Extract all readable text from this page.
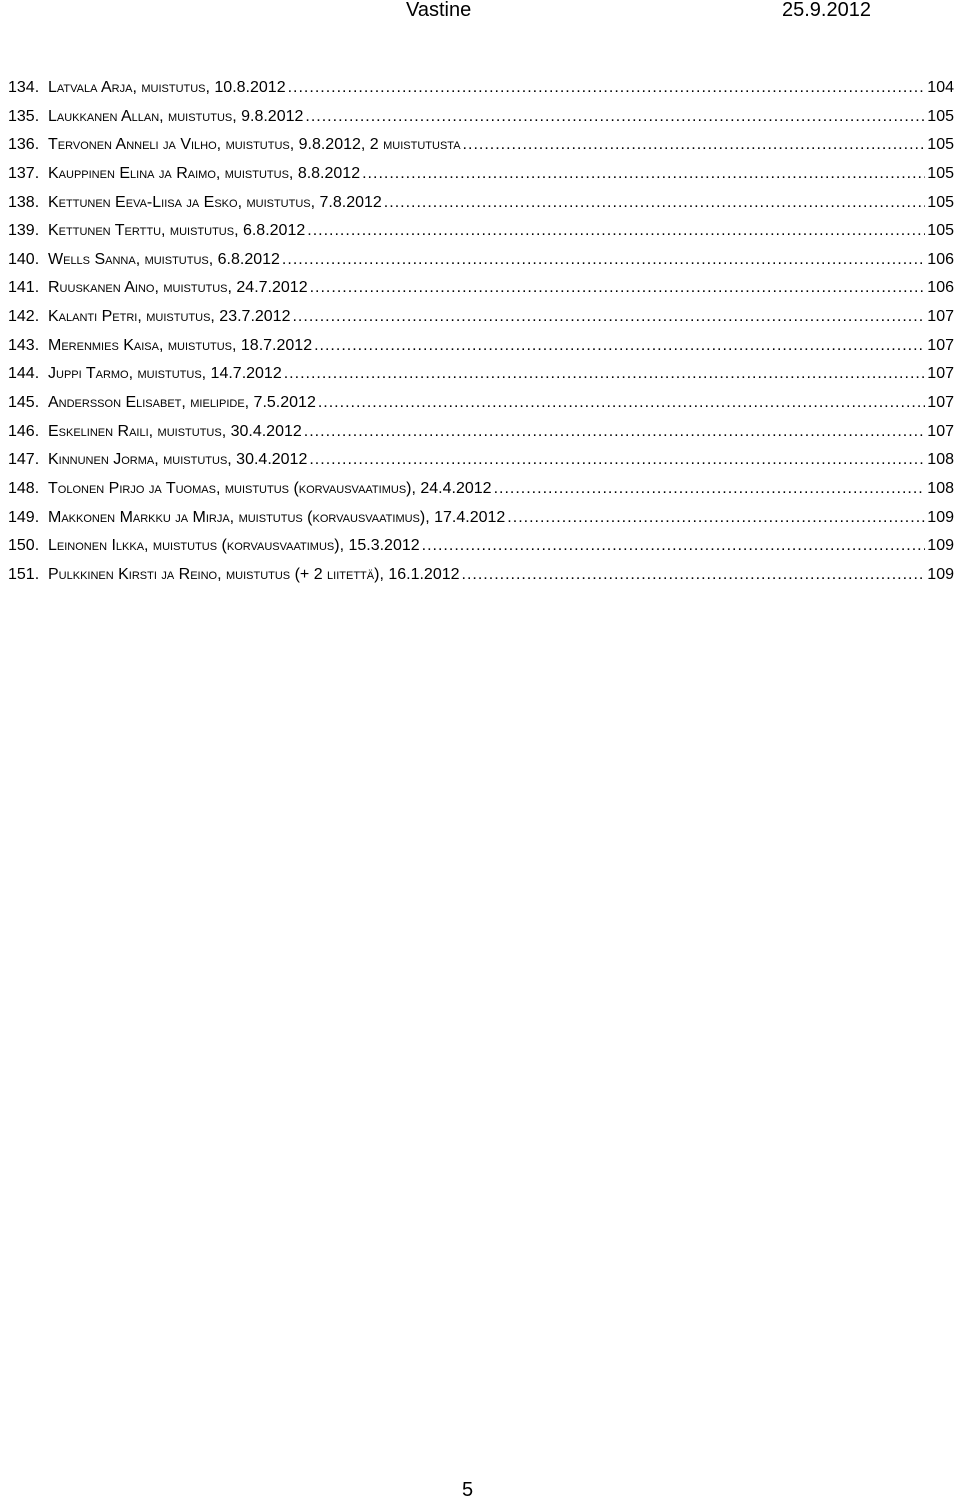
Vastine	25.9.2012
134. Latvala Arja, muistutus, 10.8.2012 .....	104
135. Laukkanen Allan, muistutus, 9.8.2012 .....	105
136. Tervonen Anneli ja Vilho, muistutus, 9.8.2012, 2 muistutusta .....	105
137. Kauppinen Elina ja Raimo, muistutus, 8.8.2012 .....	105
138. Kettunen Eeva-Liisa ja Esko, muistutus, 7.8.2012 .....	105
139. Kettunen Terttu, muistutus, 6.8.2012 .....	105
140. Wells Sanna, muistutus, 6.8.2012 .....	106
141. Ruuskanen Aino, muistutus, 24.7.2012 .....	106
142. Kalanti Petri, muistutus, 23.7.2012 .....	107
143. Merenmies Kaisa, muistutus, 18.7.2012 .....	107
144. Juppi Tarmo, muistutus, 14.7.2012 .....	107
145. Andersson Elisabet, mielipide, 7.5.2012 .....	107
146. Eskelinen Raili, muistutus, 30.4.2012 .....	107
147. Kinnunen Jorma, muistutus, 30.4.2012 .....	108
148. Tolonen Pirjo ja Tuomas, muistutus (korvausvaatimus), 24.4.2012 .....	108
149. Makkonen Markku ja Mirja, muistutus (korvausvaatimus), 17.4.2012 .....	109
150. Leinonen Ilkka, muistutus (korvausvaatimus), 15.3.2012 .....	109
151. Pulkkinen Kirsti ja Reino, muistutus (+ 2 liitettä), 16.1.2012 .....	109
5
